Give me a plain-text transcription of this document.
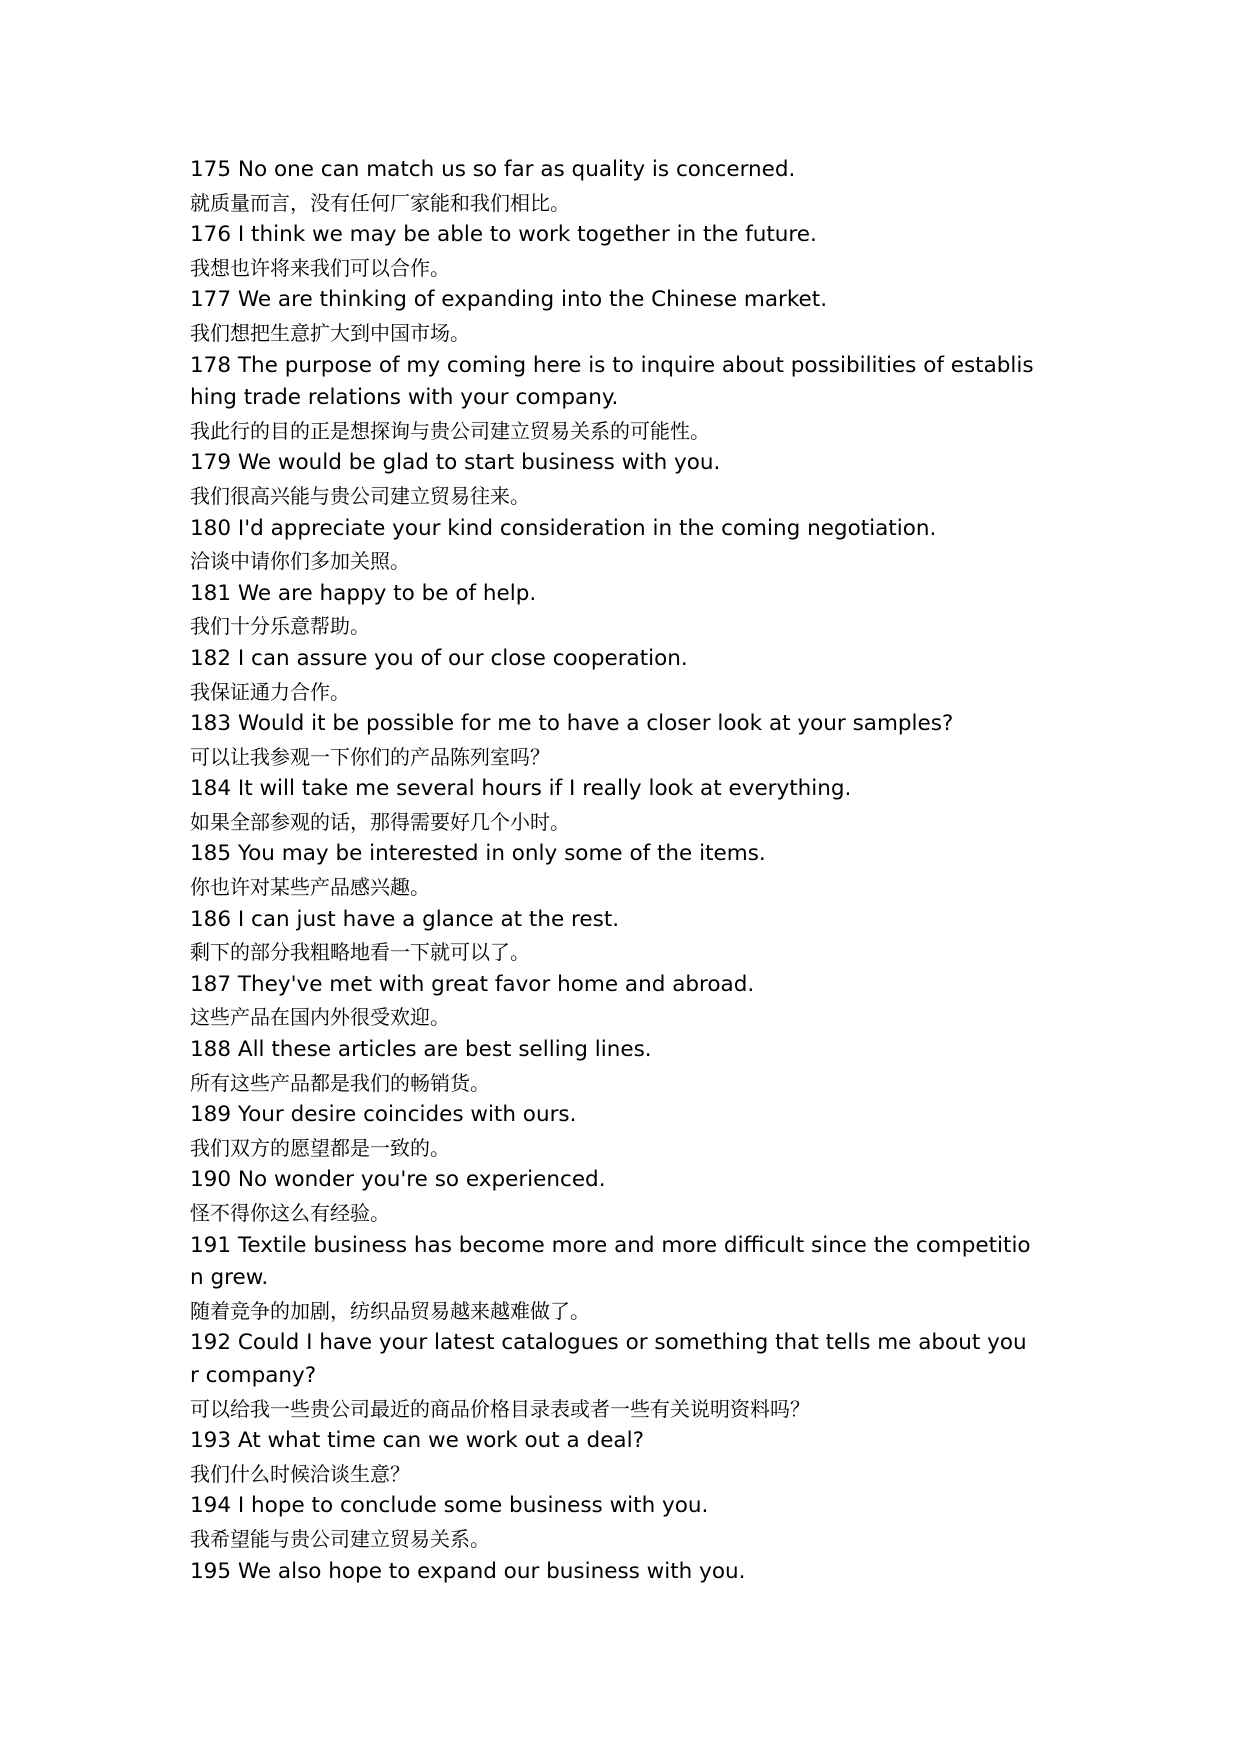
175 No one can match us so far as quality is concerned.
就质量而言，没有任何厂家能和我们相比。
176 I think we may be able to work together in the future.
我想也许将来我们可以合作。
177 We are thinking of expanding into the Chinese market.
我们想把生意扩大到中国市场。
178 The purpose of my coming here is to inquire about possibilities of establis
hing trade relations with your company.
我此行的目的正是想探询与贵公司建立贸易关系的可能性。
179 We would be glad to start business with you.
我们很高兴能与贵公司建立贸易往来。
180 I'd appreciate your kind consideration in the coming negotiation.
洽谈中请你们多加关照。
181 We are happy to be of help.
我们十分乐意帮助。
182 I can assure you of our close cooperation.
我保证通力合作。
183 Would it be possible for me to have a closer look at your samples?
可以让我参观一下你们的产品陈列室吗？
184 It will take me several hours if I really look at everything.
如果全部参观的话，那得需要好几个小时。
185 You may be interested in only some of the items.
你也许对某些产品感兴趣。
186 I can just have a glance at the rest.
剩下的部分我粗略地看一下就可以了。
187 They've met with great favor home and abroad.
这些产品在国内外很受欢迎。
188 All these articles are best selling lines.
所有这些产品都是我们的畅销货。
189 Your desire coincides with ours.
我们双方的愿望都是一致的。
190 No wonder you're so experienced.
怪不得你这么有经验。
191 Textile business has become more and more difficult since the competitio
n grew.
随着竞争的加剧，纺织品贸易越来越难做了。
192 Could I have your latest catalogues or something that tells me about you
r company?
可以给我一些贵公司最近的商品价格目录表或者一些有关说明资料吗？
193 At what time can we work out a deal?
我们什么时候洽谈生意？
194 I hope to conclude some business with you.
我希望能与贵公司建立贸易关系。
195 We also hope to expand our business with you.
